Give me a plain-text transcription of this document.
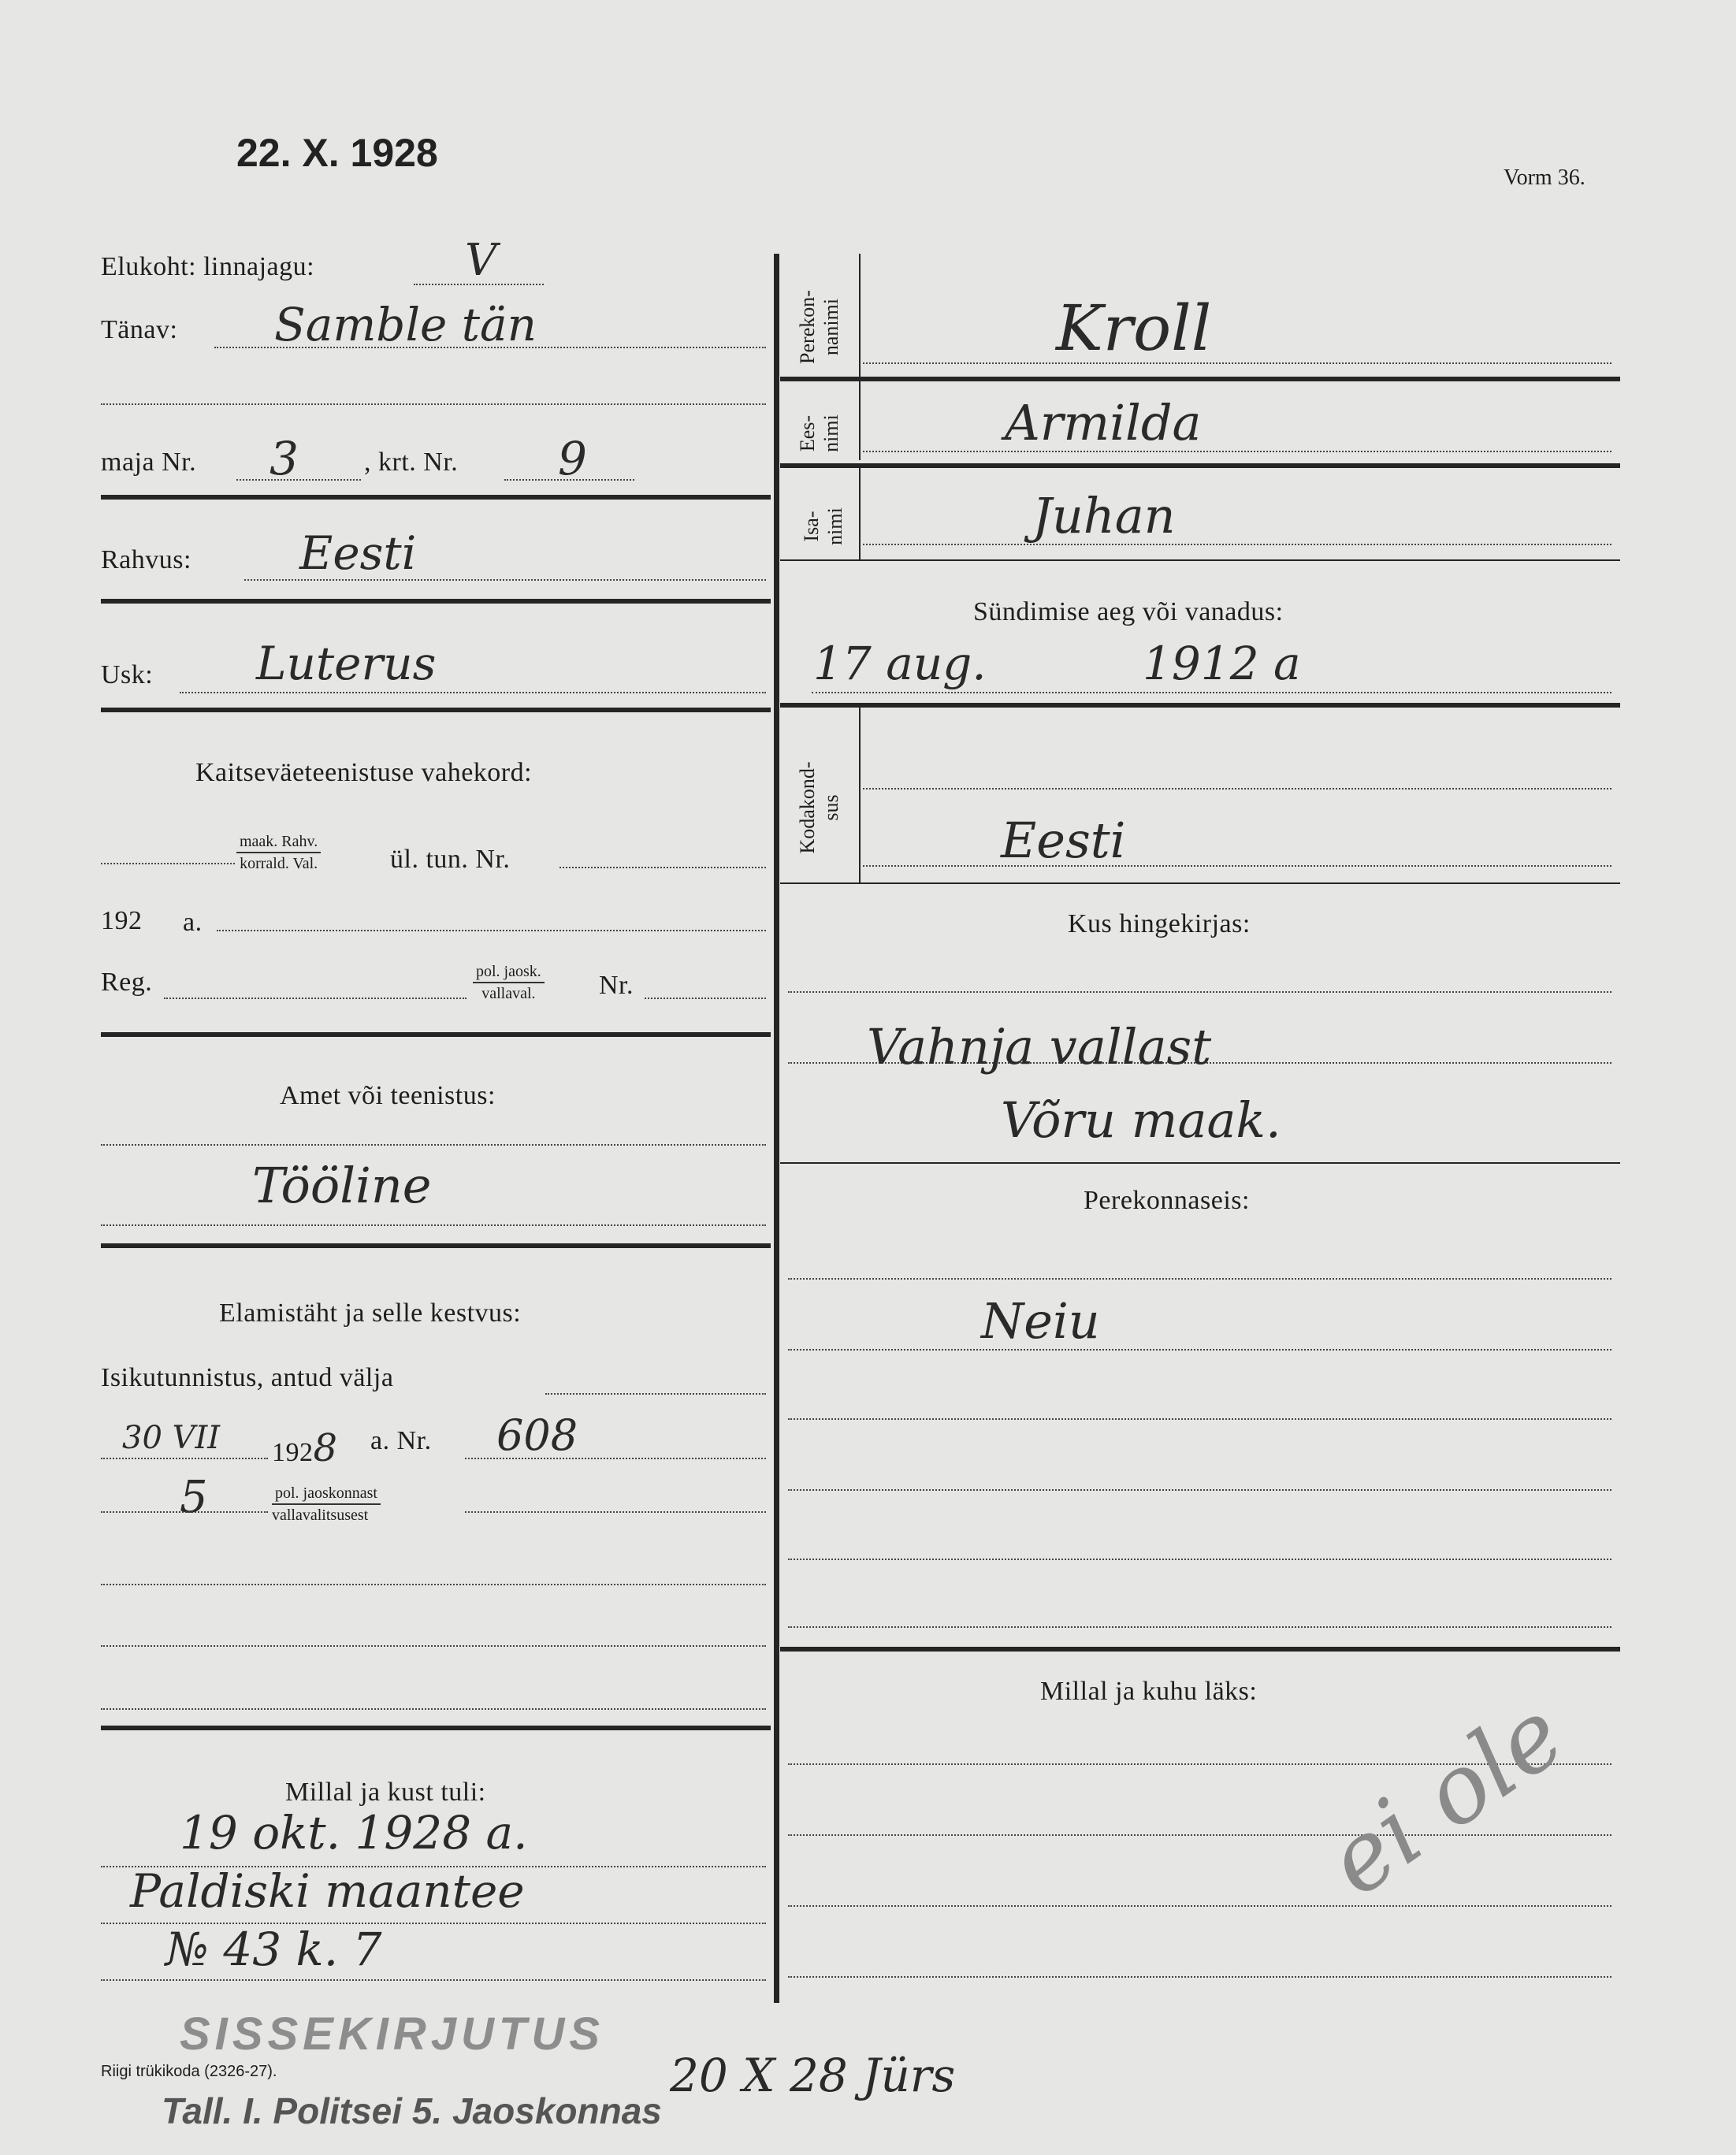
22. X. 1928
Vorm 36.
Elukoht: linnajagu:	V
Tänav: Samble tän
maja Nr. 3 , krt. Nr. 9
Rahvus: Eesti
Usk: Luterus
Kaitseväeteenistuse vahekord:
maak. Rahv.
korrald. Val.	ül. tun. Nr.
192 a.
Reg.	pol. jaosk.
vallaval.	Nr.
Amet või teenistus:
Tööline
Elamistäht ja selle kestvus:
Isikutunnistus, antud välja
30 VII 1928 a. Nr. 608
5	pol. jaoskonnast
vallavalitsusest
Millal ja kust tuli:
19 okt. 1928 a.
Paldiski maantee
№ 43 k. 7
Perekon-
nanimi	Kroll
Ees-
nimi	Armilda
Isa-
nimi	Juhan
Sündimise aeg või vanadus:
17 aug.	1912 a
Kodakond-
sus
Eesti
Kus hingekirjas:
Vahnja vallast
Võru maak.
Perekonnaseis:
Neiu
Millal ja kuhu läks: ei ole
SISSEKIRJUTUS
Riigi trükikoda (2326-27).
Tall. I. Politsei 5. Jaoskonnas
20 X 28 Jürs
